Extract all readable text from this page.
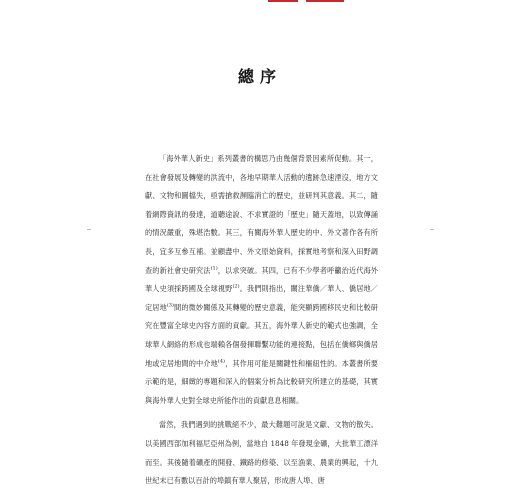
總序

「海外華人新史」系列叢書的構思乃由幾個背景因素所促動。其一，在社會發展及轉變的洪流中，各地早期華人活動的遺跡急速湮沒，地方文獻、文物和圖檔失，亟需搶救瀕臨消亡的歷史，並研判其意義。其二，隨着網際資訊的發達，道聽途說、不求實證的「歷史」隨天蓋地，以致傳誦的情況嚴重，殊堪浩數。其三，有關海外華人歷史的中、外文著作各有所長，宜多互參互補。並顧盡中、外文原始資料，採實地考察和深入田野調查的新社會史研究法$^{(1)}$，以求突破。其四，已有不少學者呼籲治近代海外華人史須採跨國及全球視野$^{(2)}$。我們則指出，關注華僑／華人、僑居地／定居地$^{(3)}$間的微妙關係及其轉變的歷史意義，能突顯跨國移民史和比較研究在豐富全球史內容方面的貢獻。其五，海外華人新史的範式也強調，全球華人網絡的形成也端賴各個發揮聯繫功能的連接點，包括在僑鄉與僑居地或定居地間的中介地$^{(4)}$，其作用可能是關鍵性和樞紐性的。本叢書所要示範的是，細緻的專題和深入的個案分析為比較研究所建立的基礎，其實與海外華人史對全球史所能作出的貢獻息息相關。

當然，我們遇到的挑戰絕不少，最大難題可說是文獻、文物的散失。以美國西部加利福尼亞州為例，當地自 1848 年發現金礦，大批華工漂洋而至。其後隨着礦產的開發、鐵路的修築、以至漁業、農業的興起，十九世紀末已有數以百計的埠鎮有華人聚居，形成唐人埠、唐
